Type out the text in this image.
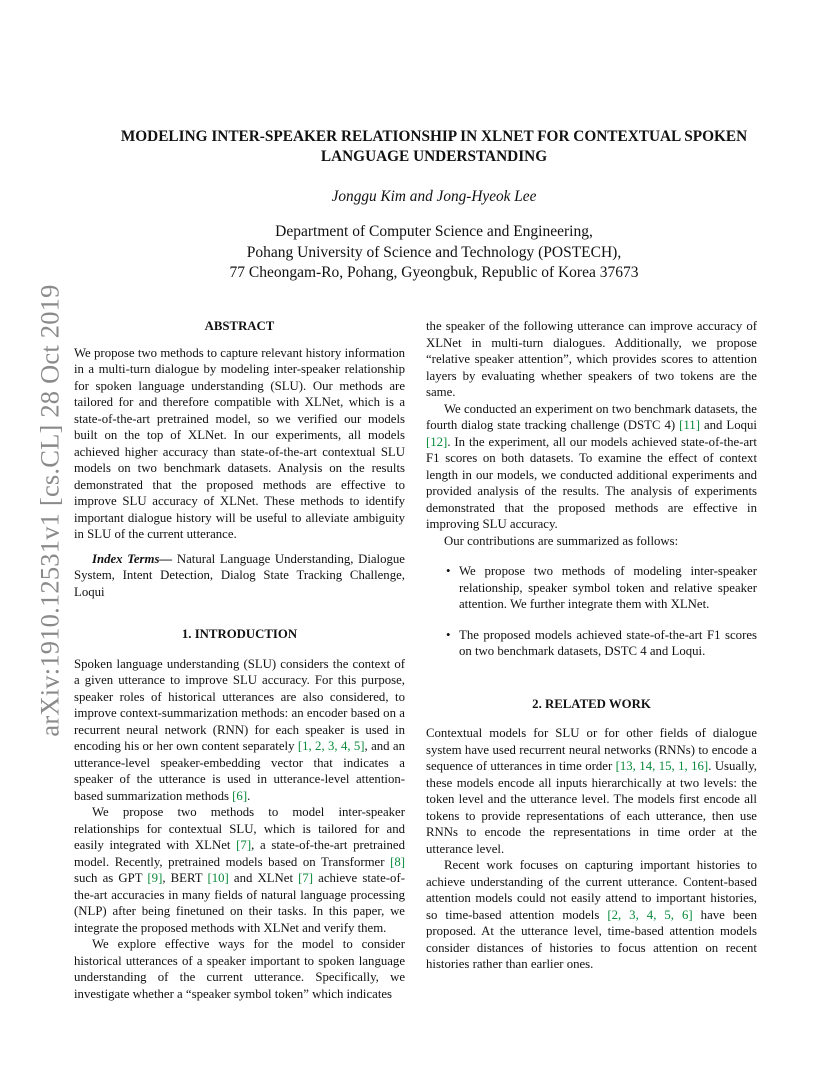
arXiv:1910.12531v1 [cs.CL] 28 Oct 2019
MODELING INTER-SPEAKER RELATIONSHIP IN XLNET FOR CONTEXTUAL SPOKEN
LANGUAGE UNDERSTANDING
Jonggu Kim and Jong-Hyeok Lee
Department of Computer Science and Engineering,
Pohang University of Science and Technology (POSTECH),
77 Cheongam-Ro, Pohang, Gyeongbuk, Republic of Korea 37673
ABSTRACT

We propose two methods to capture relevant history information in a multi-turn dialogue by modeling inter-speaker relationship for spoken language understanding (SLU). Our methods are tailored for and therefore compatible with XLNet, which is a state-of-the-art pretrained model, so we verified our models built on the top of XLNet. In our experiments, all models achieved higher accuracy than state-of-the-art contextual SLU models on two benchmark datasets. Analysis on the results demonstrated that the proposed methods are effective to improve SLU accuracy of XLNet. These methods to identify important dialogue history will be useful to alleviate ambiguity in SLU of the current utterance.

Index Terms— Natural Language Understanding, Dialogue System, Intent Detection, Dialog State Tracking Challenge, Loqui

1. INTRODUCTION

Spoken language understanding (SLU) considers the context of a given utterance to improve SLU accuracy. For this purpose, speaker roles of historical utterances are also considered, to improve context-summarization methods: an encoder based on a recurrent neural network (RNN) for each speaker is used in encoding his or her own content separately [1, 2, 3, 4, 5], and an utterance-level speaker-embedding vector that indicates a speaker of the utterance is used in utterance-level attention-based summarization methods [6].

We propose two methods to model inter-speaker relationships for contextual SLU, which is tailored for and easily integrated with XLNet [7], a state-of-the-art pretrained model. Recently, pretrained models based on Transformer [8] such as GPT [9], BERT [10] and XLNet [7] achieve state-of-the-art accuracies in many fields of natural language processing (NLP) after being finetuned on their tasks. In this paper, we integrate the proposed methods with XLNet and verify them.

We explore effective ways for the model to consider historical utterances of a speaker important to spoken language understanding of the current utterance. Specifically, we investigate whether a “speaker symbol token” which indicates

the speaker of the following utterance can improve accuracy of XLNet in multi-turn dialogues. Additionally, we propose “relative speaker attention”, which provides scores to attention layers by evaluating whether speakers of two tokens are the same.

We conducted an experiment on two benchmark datasets, the fourth dialog state tracking challenge (DSTC 4) [11] and Loqui [12]. In the experiment, all our models achieved state-of-the-art F1 scores on both datasets. To examine the effect of context length in our models, we conducted additional experiments and provided analysis of the results. The analysis of experiments demonstrated that the proposed methods are effective in improving SLU accuracy.

Our contributions are summarized as follows:

• We propose two methods of modeling inter-speaker relationship, speaker symbol token and relative speaker attention. We further integrate them with XLNet.
• The proposed models achieved state-of-the-art F1 scores on two benchmark datasets, DSTC 4 and Loqui.
2. RELATED WORK

Contextual models for SLU or for other fields of dialogue system have used recurrent neural networks (RNNs) to encode a sequence of utterances in time order [13, 14, 15, 1, 16]. Usually, these models encode all inputs hierarchically at two levels: the token level and the utterance level. The models first encode all tokens to provide representations of each utterance, then use RNNs to encode the representations in time order at the utterance level.

Recent work focuses on capturing important histories to achieve understanding of the current utterance. Content-based attention models could not easily attend to important histories, so time-based attention models [2, 3, 4, 5, 6] have been proposed. At the utterance level, time-based attention models consider distances of histories to focus attention on recent histories rather than earlier ones.
